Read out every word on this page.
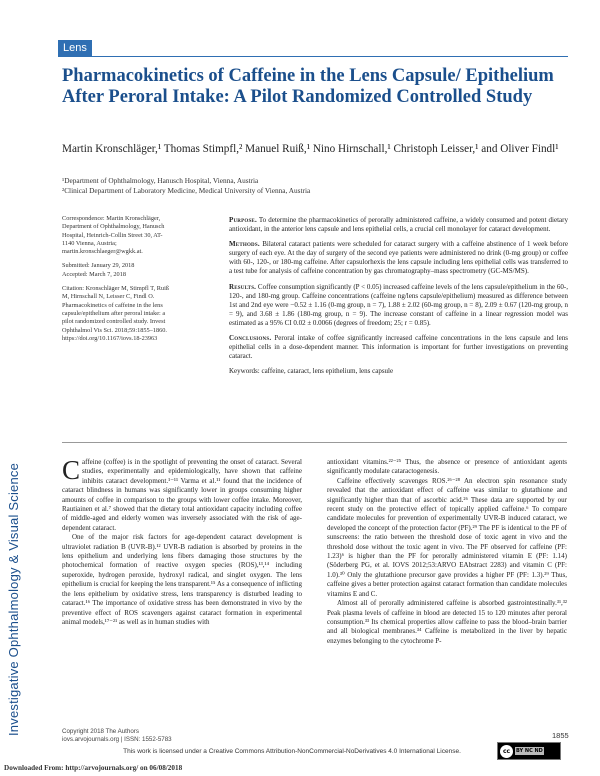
Investigative Ophthalmology & Visual Science
Lens
Pharmacokinetics of Caffeine in the Lens Capsule/ Epithelium After Peroral Intake: A Pilot Randomized Controlled Study
Martin Kronschläger,¹ Thomas Stimpfl,² Manuel Ruiß,¹ Nino Hirnschall,¹ Christoph Leisser,¹ and Oliver Findl¹
¹Department of Ophthalmology, Hanusch Hospital, Vienna, Austria
²Clinical Department of Laboratory Medicine, Medical University of Vienna, Austria

Correspondence: Martin Kronschläger, Department of Ophthalmology, Hanusch Hospital, Heinrich-Collin Street 30, AT-1140 Vienna, Austria; martin.kronschlaeger@wgkk.at.

Submitted: January 29, 2018

Accepted: March 7, 2018

Citation: Kronschläger M, Stimpfl T, Ruiß M, Hirnschall N, Leisser C, Findl O. Pharmacokinetics of caffeine in the lens capsule/epithelium after peroral intake: a pilot randomized controlled study. Invest Ophthalmol Vis Sci. 2018;59:1855–1860. https://doi.org/10.1167/iovs.18-23963

Purpose. To determine the pharmacokinetics of perorally administered caffeine, a widely consumed and potent dietary antioxidant, in the anterior lens capsule and lens epithelial cells, a crucial cell monolayer for cataract development.

Methods. Bilateral cataract patients were scheduled for cataract surgery with a caffeine abstinence of 1 week before surgery of each eye. At the day of surgery of the second eye patients were administered no drink (0-mg group) or coffee with 60-, 120-, or 180-mg caffeine. After capsulorhexis the lens capsule including lens epithelial cells was transferred to a test tube for analysis of caffeine concentration by gas chromatography–mass spectrometry (GC-MS/MS).

Results. Coffee consumption significantly (P < 0.05) increased caffeine levels of the lens capsule/epithelium in the 60-, 120-, and 180-mg group. Caffeine concentrations (caffeine ng/lens capsule/epithelium) measured as difference between 1st and 2nd eye were −0.52 ± 1.16 (0-mg group, n = 7), 1.88 ± 2.02 (60-mg group, n = 8), 2.09 ± 0.67 (120-mg group, n = 9), and 3.68 ± 1.86 (180-mg group, n = 9). The increase constant of caffeine in a linear regression model was estimated as a 95% CI 0.02 ± 0.0066 (degrees of freedom; 25; r = 0.85).

Conclusions. Peroral intake of coffee significantly increased caffeine concentrations in the lens capsule and lens epithelial cells in a dose-dependent manner. This information is important for further investigations on preventing cataract.

Keywords: caffeine, cataract, lens epithelium, lens capsule

Caffeine (coffee) is in the spotlight of preventing the onset of cataract. Several studies, experimentally and epidemiologically, have shown that caffeine inhibits cataract development.¹⁻¹¹ Varma et al.¹¹ found that the incidence of cataract blindness in humans was significantly lower in groups consuming higher amounts of coffee in comparison to the groups with lower coffee intake. Moreover, Rautiainen et al.⁷ showed that the dietary total antioxidant capacity including coffee of middle-aged and elderly women was inversely associated with the risk of age-dependent cataract.

One of the major risk factors for age-dependent cataract development is ultraviolet radiation B (UVR-B).¹² UVR-B radiation is absorbed by proteins in the lens epithelium and underlying lens fibers damaging those structures by the photochemical formation of reactive oxygen species (ROS),¹³,¹⁴ including superoxide, hydrogen peroxide, hydroxyl radical, and singlet oxygen. The lens epithelium is crucial for keeping the lens transparent.¹⁵ As a consequence of inflicting the lens epithelium by oxidative stress, lens transparency is disturbed leading to cataract.¹⁶ The importance of oxidative stress has been demonstrated in vivo by the preventive effect of ROS scavengers against cataract formation in experimental animal models,¹⁷⁻²¹ as well as in human studies with

antioxidant vitamins.²²⁻²⁵ Thus, the absence or presence of antioxidant agents significantly modulate cataractogenesis.

Caffeine effectively scavenges ROS.²⁶⁻²⁸ An electron spin resonance study revealed that the antioxidant effect of caffeine was similar to glutathione and significantly higher than that of ascorbic acid.²⁶ These data are supported by our recent study on the protective effect of topically applied caffeine.⁶ To compare candidate molecules for prevention of experimentally UVR-B induced cataract, we developed the concept of the protection factor (PF).²⁹ The PF is identical to the PF of sunscreens: the ratio between the threshold dose of toxic agent in vivo and the threshold dose without the toxic agent in vivo. The PF observed for caffeine (PF: 1.23)⁶ is higher than the PF for perorally administered vitamin E (PF: 1.14) (Söderberg PG, et al. IOVS 2012;53:ARVO EAbstract 2283) and vitamin C (PF: 1.0).³⁰ Only the glutathione precursor gave provides a higher PF (PF: 1.3).²⁹ Thus, caffeine gives a better protection against cataract formation than candidate molecules vitamins E and C.

Almost all of perorally administered caffeine is absorbed gastrointestinally.³¹,³² Peak plasma levels of caffeine in blood are detected 15 to 120 minutes after peroral consumption.³³ Its chemical properties allow caffeine to pass the blood–brain barrier and all biological membranes.³⁴ Caffeine is metabolized in the liver by hepatic enzymes belonging to the cytochrome P-

Copyright 2018 The Authors
iovs.arvojournals.org | ISSN: 1552-5783	1855
This work is licensed under a Creative Commons Attribution-NonCommercial-NoDerivatives 4.0 International License.	cc	BY NC ND
Downloaded From: http://arvojournals.org/ on 06/08/2018
